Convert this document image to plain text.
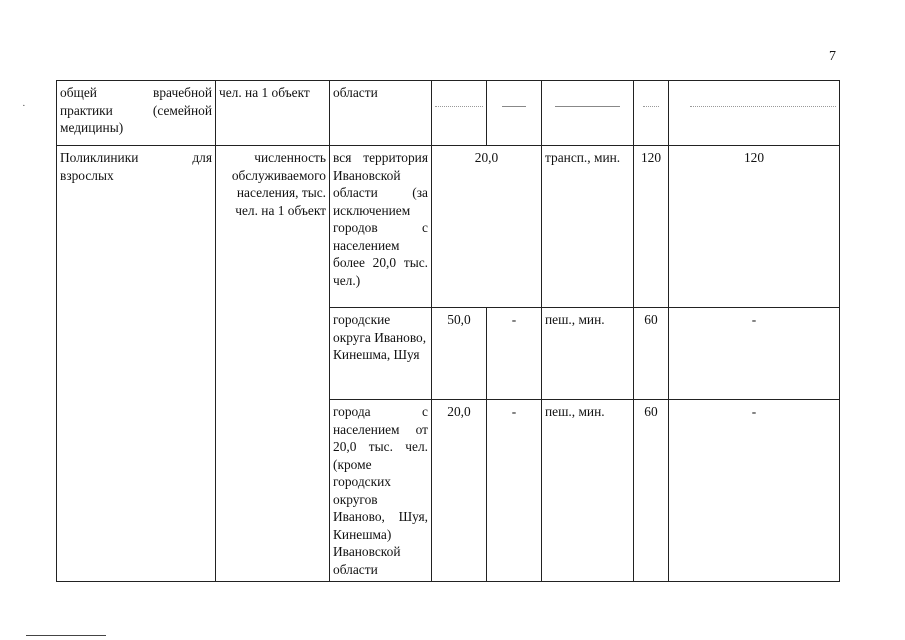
7
·
общей врачебной практики (семейной медицины)	чел. на 1 объект	области	

Поликлиники для взрослых	численность обслуживаемого населения, тыс. чел. на 1 объект	вся территория Ивановской области (за исключением городов с населением более 20,0 тыс. чел.)	20,0		трансп., мин.	120	120
		городские округа Иваново, Кинешма, Шуя	50,0	-	пеш., мин.	60	-
		города с населением от 20,0 тыс. чел. (кроме городских округов Иваново, Шуя, Кинешма) Ивановской области	20,0	-	пеш., мин.	60	-
